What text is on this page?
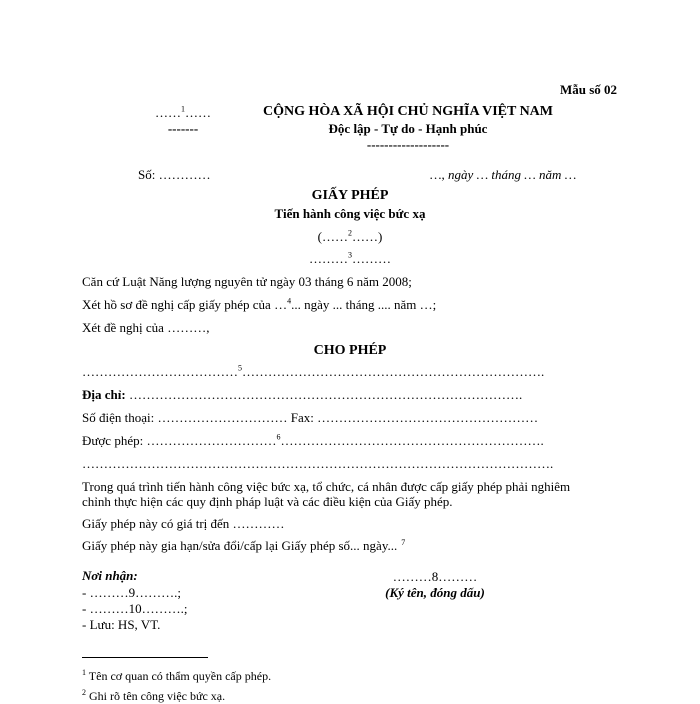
Mẫu số 02
……$^1$……
-------
CỘNG HÒA XÃ HỘI CHỦ NGHĨA VIỆT NAM
Độc lập - Tự do - Hạnh phúc
-------------------
Số: …………	…, ngày … tháng … năm …
GIẤY PHÉP
Tiến hành công việc bức xạ
(……$^2$……)
………$^3$………
Căn cứ Luật Năng lượng nguyên tử ngày 03 tháng 6 năm 2008;
Xét hồ sơ đề nghị cấp giấy phép của …$^4$... ngày ... tháng .... năm …;
Xét đề nghị của ………,
CHO PHÉP
………………………………$^5$…………………………………………………………….
Địa chỉ: ……………………………………………………………………………….
Số điện thoại: ………………………… Fax: ……………………………………………
Được phép: …………………………$^6$…………………………………………………….
……………………………………………………………………………………………….
Trong quá trình tiến hành công việc bức xạ, tổ chức, cá nhân được cấp giấy phép phải nghiêm
chỉnh thực hiện các quy định pháp luật và các điều kiện của Giấy phép.
Giấy phép này có giá trị đến …………
Giấy phép này gia hạn/sửa đổi/cấp lại Giấy phép số... ngày... $^7$
Nơi nhận:
- ………9……….;
- ………10……….;
- Lưu: HS, VT.
………8………
(Ký tên, đóng dấu)
$^1$ Tên cơ quan có thẩm quyền cấp phép.
$^2$ Ghi rõ tên công việc bức xạ.
